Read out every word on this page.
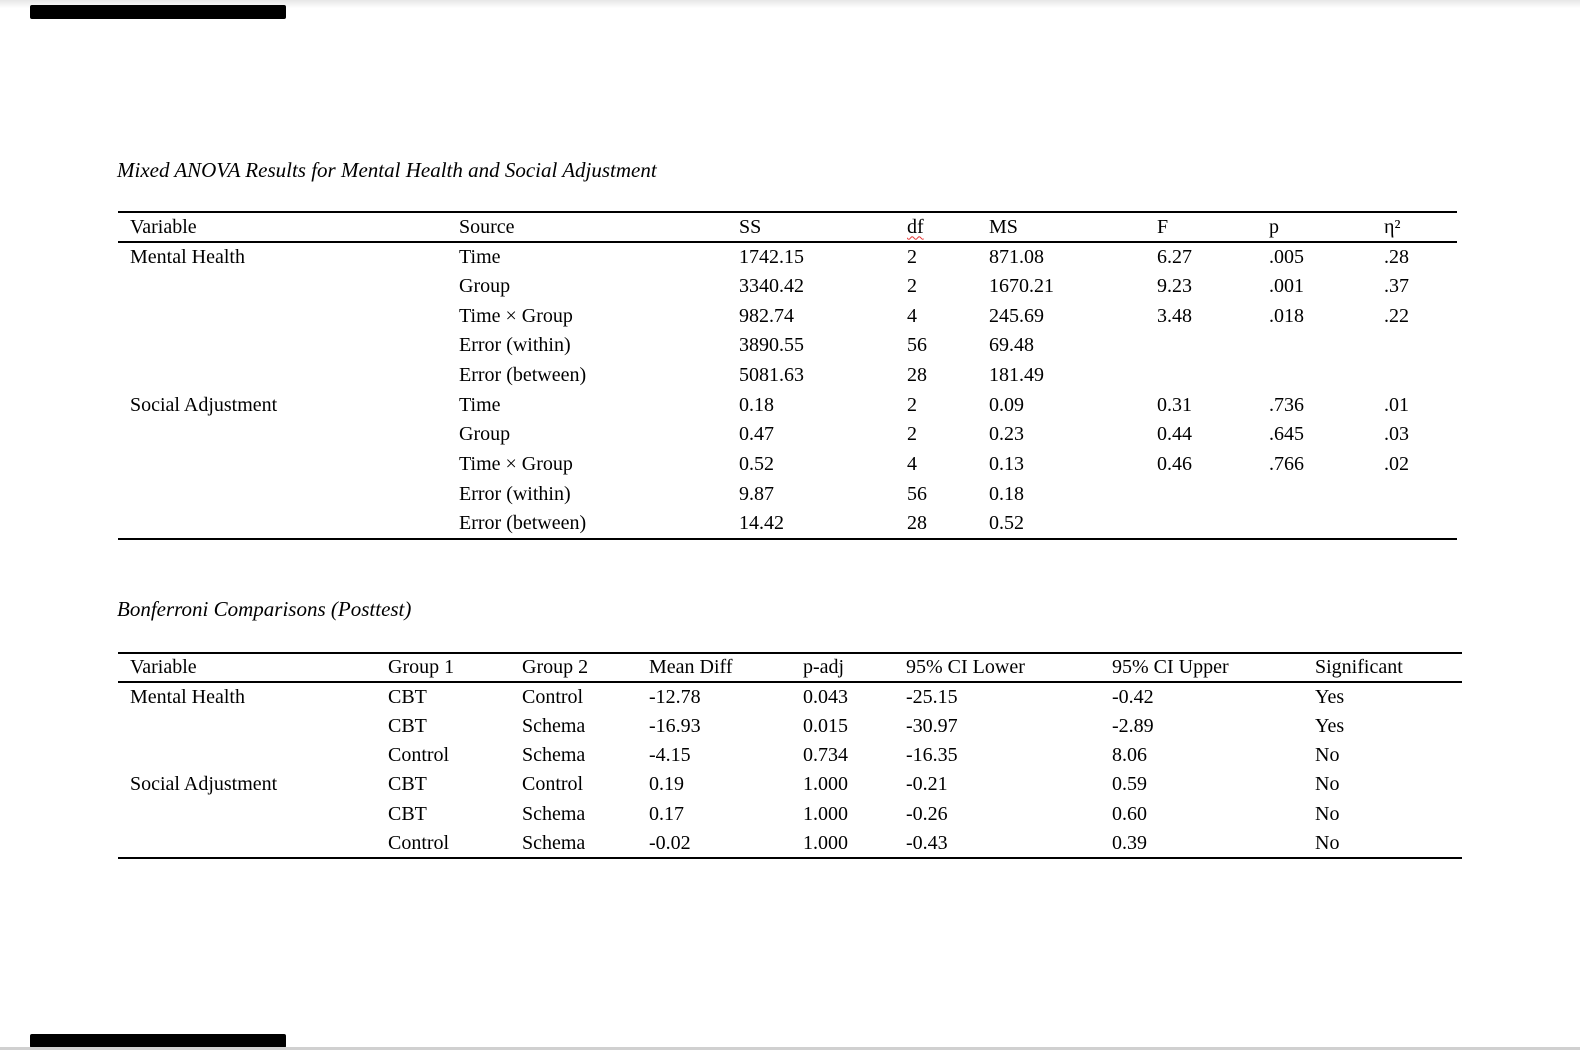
Mixed ANOVA Results for Mental Health and Social Adjustment
Variable	Source	SS	df	MS	F	p	η²
Mental Health	Time	1742.15	2	871.08	6.27	.005	.28
	Group	3340.42	2	1670.21	9.23	.001	.37
	Time × Group	982.74	4	245.69	3.48	.018	.22
	Error (within)	3890.55	56	69.48			
	Error (between)	5081.63	28	181.49			
Social Adjustment	Time	0.18	2	0.09	0.31	.736	.01
	Group	0.47	2	0.23	0.44	.645	.03
	Time × Group	0.52	4	0.13	0.46	.766	.02
	Error (within)	9.87	56	0.18			
	Error (between)	14.42	28	0.52			
Bonferroni Comparisons (Posttest)
Variable	Group 1	Group 2	Mean Diff	p-adj	95% CI Lower	95% CI Upper	Significant
Mental Health	CBT	Control	-12.78	0.043	-25.15	-0.42	Yes
	CBT	Schema	-16.93	0.015	-30.97	-2.89	Yes
	Control	Schema	-4.15	0.734	-16.35	8.06	No
Social Adjustment	CBT	Control	0.19	1.000	-0.21	0.59	No
	CBT	Schema	0.17	1.000	-0.26	0.60	No
	Control	Schema	-0.02	1.000	-0.43	0.39	No
